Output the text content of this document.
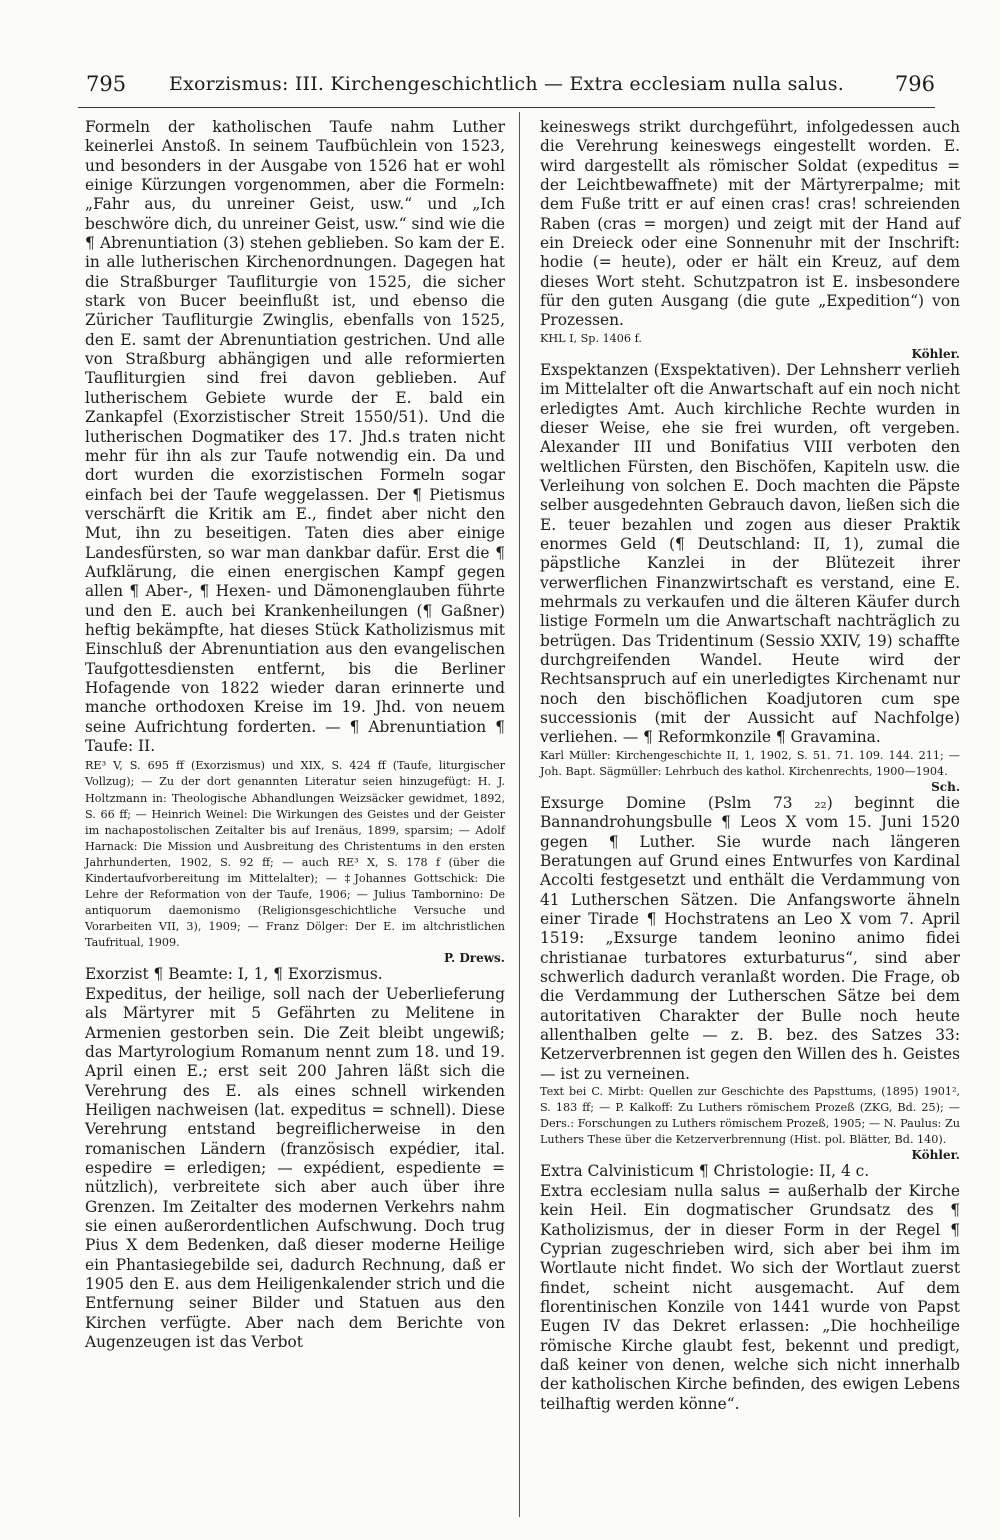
795	Exorzismus: III. Kirchengeschichtlich — Extra ecclesiam nulla salus.	796

Formeln der katholischen Taufe nahm Luther keinerlei Anstoß. In seinem Taufbüchlein von 1523, und besonders in der Ausgabe von 1526 hat er wohl einige Kürzungen vorgenommen, aber die Formeln: „Fahr aus, du unreiner Geist, usw.“ und „Ich beschwöre dich, du unreiner Geist, usw.“ sind wie die ¶ Abrenuntiation (3) stehen geblieben. So kam der E. in alle lutherischen Kirchenordnungen. Dagegen hat die Straßburger Taufliturgie von 1525, die sicher stark von Bucer beeinflußt ist, und ebenso die Züricher Taufliturgie Zwinglis, ebenfalls von 1525, den E. samt der Abrenuntiation gestrichen. Und alle von Straßburg abhängigen und alle reformierten Taufliturgien sind frei davon geblieben. Auf lutherischem Gebiete wurde der E. bald ein Zankapfel (Exorzistischer Streit 1550/51). Und die lutherischen Dogmatiker des 17. Jhd.s traten nicht mehr für ihn als zur Taufe notwendig ein. Da und dort wurden die exorzistischen Formeln sogar einfach bei der Taufe weggelassen. Der ¶ Pietismus verschärft die Kritik am E., findet aber nicht den Mut, ihn zu beseitigen. Taten dies aber einige Landesfürsten, so war man dankbar dafür. Erst die ¶ Aufklärung, die einen energischen Kampf gegen allen ¶ Aber-, ¶ Hexen- und Dämonenglauben führte und den E. auch bei Krankenheilungen (¶ Gaßner) heftig bekämpfte, hat dieses Stück Katholizismus mit Einschluß der Abrenuntiation aus den evangelischen Taufgottesdiensten entfernt, bis die Berliner Hofagende von 1822 wieder daran erinnerte und manche orthodoxen Kreise im 19. Jhd. von neuem seine Aufrichtung forderten. — ¶ Abrenuntiation ¶ Taufe: II.

RE³ V, S. 695 ff (Exorzismus) und XIX, S. 424 ff (Taufe, liturgischer Vollzug); — Zu der dort genannten Literatur seien hinzugefügt: H. J. Holtzmann in: Theologische Abhandlungen Weizsäcker gewidmet, 1892, S. 66 ff; — Heinrich Weinel: Die Wirkungen des Geistes und der Geister im nachapostolischen Zeitalter bis auf Irenäus, 1899, sparsim; — Adolf Harnack: Die Mission und Ausbreitung des Christentums in den ersten Jahrhunderten, 1902, S. 92 ff; — auch RE³ X, S. 178 f (über die Kindertaufvorbereitung im Mittelalter); — ‡Johannes Gottschick: Die Lehre der Reformation von der Taufe, 1906; — Julius Tambornino: De antiquorum daemonismo (Religionsgeschichtliche Versuche und Vorarbeiten VII, 3), 1909; — Franz Dölger: Der E. im altchristlichen Taufritual, 1909.

P. Drews.

Exorzist ¶ Beamte: I, 1, ¶ Exorzismus.

Expeditus, der heilige, soll nach der Ueberlieferung als Märtyrer mit 5 Gefährten zu Melitene in Armenien gestorben sein. Die Zeit bleibt ungewiß; das Martyrologium Romanum nennt zum 18. und 19. April einen E.; erst seit 200 Jahren läßt sich die Verehrung des E. als eines schnell wirkenden Heiligen nachweisen (lat. expeditus = schnell). Diese Verehrung entstand begreiflicherweise in den romanischen Ländern (französisch expédier, ital. espedire = erledigen; — expédient, espediente = nützlich), verbreitete sich aber auch über ihre Grenzen. Im Zeitalter des modernen Verkehrs nahm sie einen außerordentlichen Aufschwung. Doch trug Pius X dem Bedenken, daß dieser moderne Heilige ein Phantasiegebilde sei, dadurch Rechnung, daß er 1905 den E. aus dem Heiligenkalender strich und die Entfernung seiner Bilder und Statuen aus den Kirchen verfügte. Aber nach dem Berichte von Augenzeugen ist das Verbot

keineswegs strikt durchgeführt, infolgedessen auch die Verehrung keineswegs eingestellt worden. E. wird dargestellt als römischer Soldat (expeditus = der Leichtbewaffnete) mit der Märtyrerpalme; mit dem Fuße tritt er auf einen cras! cras! schreienden Raben (cras = morgen) und zeigt mit der Hand auf ein Dreieck oder eine Sonnenuhr mit der Inschrift: hodie (= heute), oder er hält ein Kreuz, auf dem dieses Wort steht. Schutzpatron ist E. insbesondere für den guten Ausgang (die gute „Expedition“) von Prozessen.

KHL I, Sp. 1406 f.

Köhler.

Exspektanzen (Exspektativen). Der Lehnsherr verlieh im Mittelalter oft die Anwartschaft auf ein noch nicht erledigtes Amt. Auch kirchliche Rechte wurden in dieser Weise, ehe sie frei wurden, oft vergeben. Alexander III und Bonifatius VIII verboten den weltlichen Fürsten, den Bischöfen, Kapiteln usw. die Verleihung von solchen E. Doch machten die Päpste selber ausgedehnten Gebrauch davon, ließen sich die E. teuer bezahlen und zogen aus dieser Praktik enormes Geld (¶ Deutschland: II, 1), zumal die päpstliche Kanzlei in der Blütezeit ihrer verwerflichen Finanzwirtschaft es verstand, eine E. mehrmals zu verkaufen und die älteren Käufer durch listige Formeln um die Anwartschaft nachträglich zu betrügen. Das Tridentinum (Sessio XXIV, 19) schaffte durchgreifenden Wandel. Heute wird der Rechtsanspruch auf ein unerledigtes Kirchenamt nur noch den bischöflichen Koadjutoren cum spe successionis (mit der Aussicht auf Nachfolge) verliehen. — ¶ Reformkonzile ¶ Gravamina.

Karl Müller: Kirchengeschichte II, 1, 1902, S. 51. 71. 109. 144. 211; — Joh. Bapt. Sägmüller: Lehrbuch des kathol. Kirchenrechts, 1900—1904.

Sch.

Exsurge Domine (Pslm 73 ₂₂) beginnt die Bannandrohungsbulle ¶ Leos X vom 15. Juni 1520 gegen ¶ Luther. Sie wurde nach längeren Beratungen auf Grund eines Entwurfes von Kardinal Accolti festgesetzt und enthält die Verdammung von 41 Lutherschen Sätzen. Die Anfangsworte ähneln einer Tirade ¶ Hochstratens an Leo X vom 7. April 1519: „Exsurge tandem leonino animo fidei christianae turbatores exturbaturus“, sind aber schwerlich dadurch veranlaßt worden. Die Frage, ob die Verdammung der Lutherschen Sätze bei dem autoritativen Charakter der Bulle noch heute allenthalben gelte — z. B. bez. des Satzes 33: Ketzerverbrennen ist gegen den Willen des h. Geistes — ist zu verneinen.

Text bei C. Mirbt: Quellen zur Geschichte des Papsttums, (1895) 1901², S. 183 ff; — P. Kalkoff: Zu Luthers römischem Prozeß (ZKG, Bd. 25); — Ders.: Forschungen zu Luthers römischem Prozeß, 1905; — N. Paulus: Zu Luthers These über die Ketzerverbrennung (Hist. pol. Blätter, Bd. 140).

Köhler.

Extra Calvinisticum ¶ Christologie: II, 4 c.

Extra ecclesiam nulla salus = außerhalb der Kirche kein Heil. Ein dogmatischer Grundsatz des ¶ Katholizismus, der in dieser Form in der Regel ¶ Cyprian zugeschrieben wird, sich aber bei ihm im Wortlaute nicht findet. Wo sich der Wortlaut zuerst findet, scheint nicht ausgemacht. Auf dem florentinischen Konzile von 1441 wurde von Papst Eugen IV das Dekret erlassen: „Die hochheilige römische Kirche glaubt fest, bekennt und predigt, daß keiner von denen, welche sich nicht innerhalb der katholischen Kirche befinden, des ewigen Lebens teilhaftig werden könne“.
